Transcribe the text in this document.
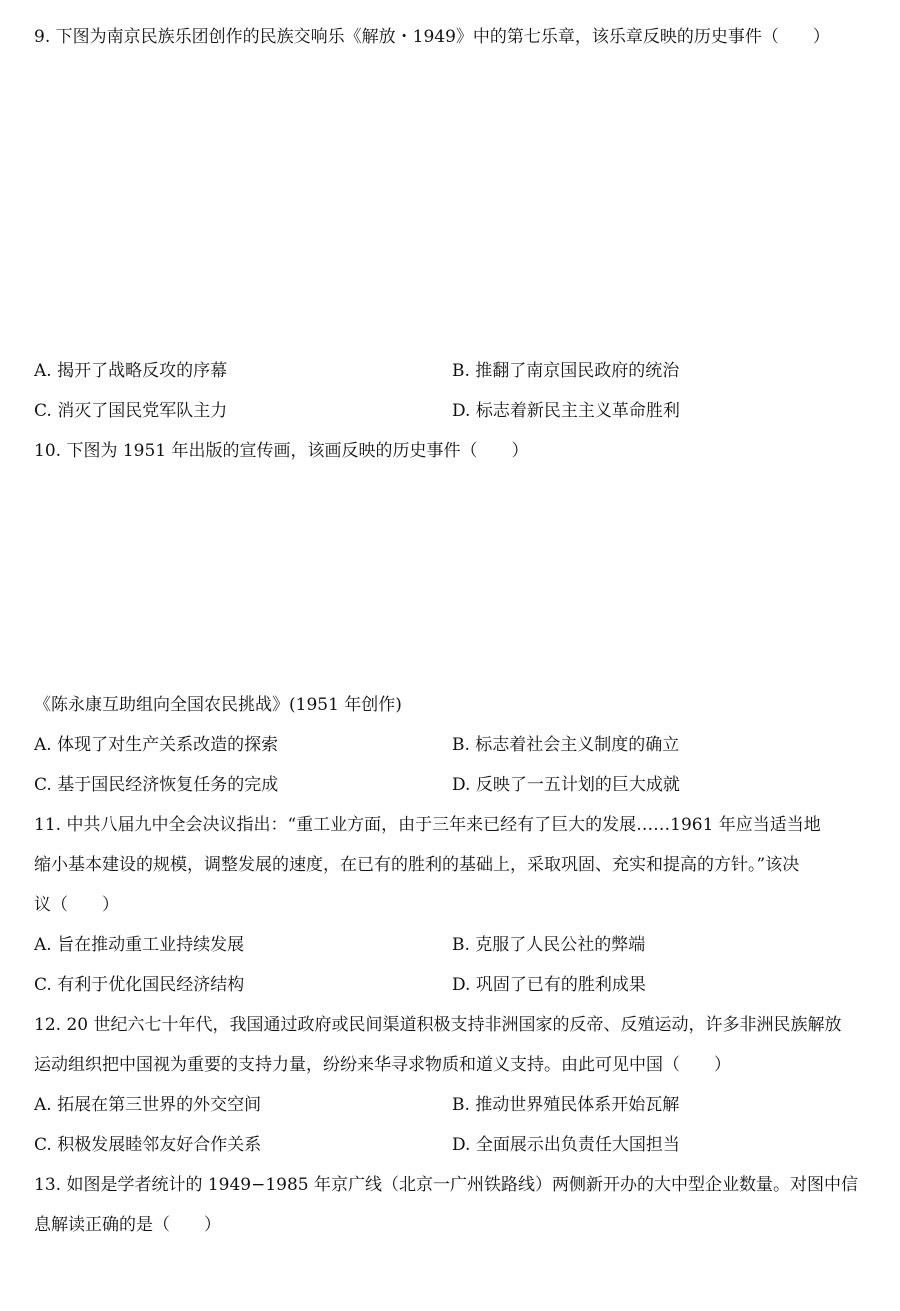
9. 下图为南京民族乐团创作的民族交响乐《解放・1949》中的第七乐章，该乐章反映的历史事件（　　）
A. 揭开了战略反攻的序幕	B. 推翻了南京国民政府的统治
C. 消灭了国民党军队主力	D. 标志着新民主主义革命胜利
10. 下图为 1951 年出版的宣传画，该画反映的历史事件（　　）
《陈永康互助组向全国农民挑战》(1951 年创作)
A. 体现了对生产关系改造的探索	B. 标志着社会主义制度的确立
C. 基于国民经济恢复任务的完成	D. 反映了一五计划的巨大成就
11. 中共八届九中全会决议指出：“重工业方面，由于三年来已经有了巨大的发展……1961 年应当适当地
缩小基本建设的规模，调整发展的速度，在已有的胜利的基础上，采取巩固、充实和提高的方针。”该决
议（　　）
A. 旨在推动重工业持续发展	B. 克服了人民公社的弊端
C. 有利于优化国民经济结构	D. 巩固了已有的胜利成果
12. 20 世纪六七十年代，我国通过政府或民间渠道积极支持非洲国家的反帝、反殖运动，许多非洲民族解放
运动组织把中国视为重要的支持力量，纷纷来华寻求物质和道义支持。由此可见中国（　　）
A. 拓展在第三世界的外交空间	B. 推动世界殖民体系开始瓦解
C. 积极发展睦邻友好合作关系	D. 全面展示出负责任大国担当
13. 如图是学者统计的 1949−1985 年京广线（北京一广州铁路线）两侧新开办的大中型企业数量。对图中信
息解读正确的是（　　）
